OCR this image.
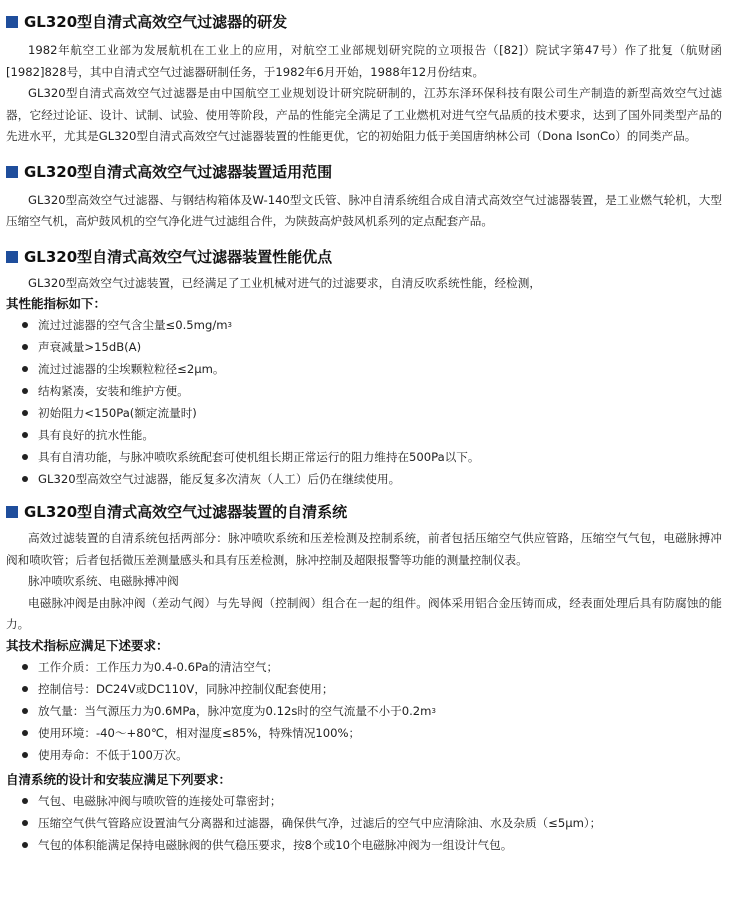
GL320型自清式高效空气过滤器的研发

1982年航空工业部为发展航机在工业上的应用，对航空工业部规划研究院的立项报告（[82]）院试字第47号）作了批复（航财函[1982]828号，其中自清式空气过滤器研制任务，于1982年6月开始，1988年12月份结束。

GL320型自清式高效空气过滤器是由中国航空工业规划设计研究院研制的，江苏东泽环保科技有限公司生产制造的新型高效空气过滤器，它经过论证、设计、试制、试验、使用等阶段，产品的性能完全满足了工业燃机对进气空气品质的技术要求，达到了国外同类型产品的先进水平，尤其是GL320型自清式高效空气过滤器装置的性能更优，它的初始阻力低于美国唐纳林公司（Dona lsonCo）的同类产品。

GL320型自清式高效空气过滤器装置适用范围

GL320型高效空气过滤器、与钢结构箱体及W-140型文氏管、脉冲自清系统组合成自清式高效空气过滤器装置，是工业燃气轮机，大型压缩空气机，高炉鼓风机的空气净化进气过滤组合件，为陕鼓高炉鼓风机系列的定点配套产品。

GL320型自清式高效空气过滤器装置性能优点

GL320型高效空气过滤装置，已经满足了工业机械对进气的过滤要求，自清反吹系统性能，经检测，

其性能指标如下：
流过过滤器的空气含尘量≤0.5mg/m 3
声衰减量>15dB(A)
流过过滤器的尘埃颗粒粒径≤2μm。
结构紧凑，安装和维护方便。
初始阻力<150Pa(额定流量时)
具有良好的抗水性能。
具有自清功能，与脉冲喷吹系统配套可使机组长期正常运行的阻力维持在500Pa以下。
GL320型高效空气过滤器，能反复多次清灰（人工）后仍在继续使用。
GL320型自清式高效空气过滤器装置的自清系统

高效过滤装置的自清系统包括两部分：脉冲喷吹系统和压差检测及控制系统，前者包括压缩空气供应管路，压缩空气气包，电磁脉搏冲阀和喷吹管；后者包括微压差测量感头和具有压差检测，脉冲控制及超限报警等功能的测量控制仪表。

脉冲喷吹系统、电磁脉搏冲阀

电磁脉冲阀是由脉冲阀（差动气阀）与先导阀（控制阀）组合在一起的组件。阀体采用铝合金压铸而成，经表面处理后具有防腐蚀的能力。

其技术指标应满足下述要求：
工作介质：工作压力为0.4-0.6Pa的清洁空气；
控制信号：DC24V或DC110V，同脉冲控制仪配套使用；
放气量：当气源压力为0.6MPa，脉冲宽度为0.12s时的空气流量不小于0.2m 3
使用环境：-40～+80℃，相对湿度≤85%，特殊情况100%；
使用寿命：不低于100万次。
自清系统的设计和安装应满足下列要求：
气包、电磁脉冲阀与喷吹管的连接处可靠密封；
压缩空气供气管路应设置油气分离器和过滤器，确保供气净，过滤后的空气中应清除油、水及杂质（≤5μm）；
气包的体积能满足保持电磁脉阀的供气稳压要求，按8个或10个电磁脉冲阀为一组设计气包。
